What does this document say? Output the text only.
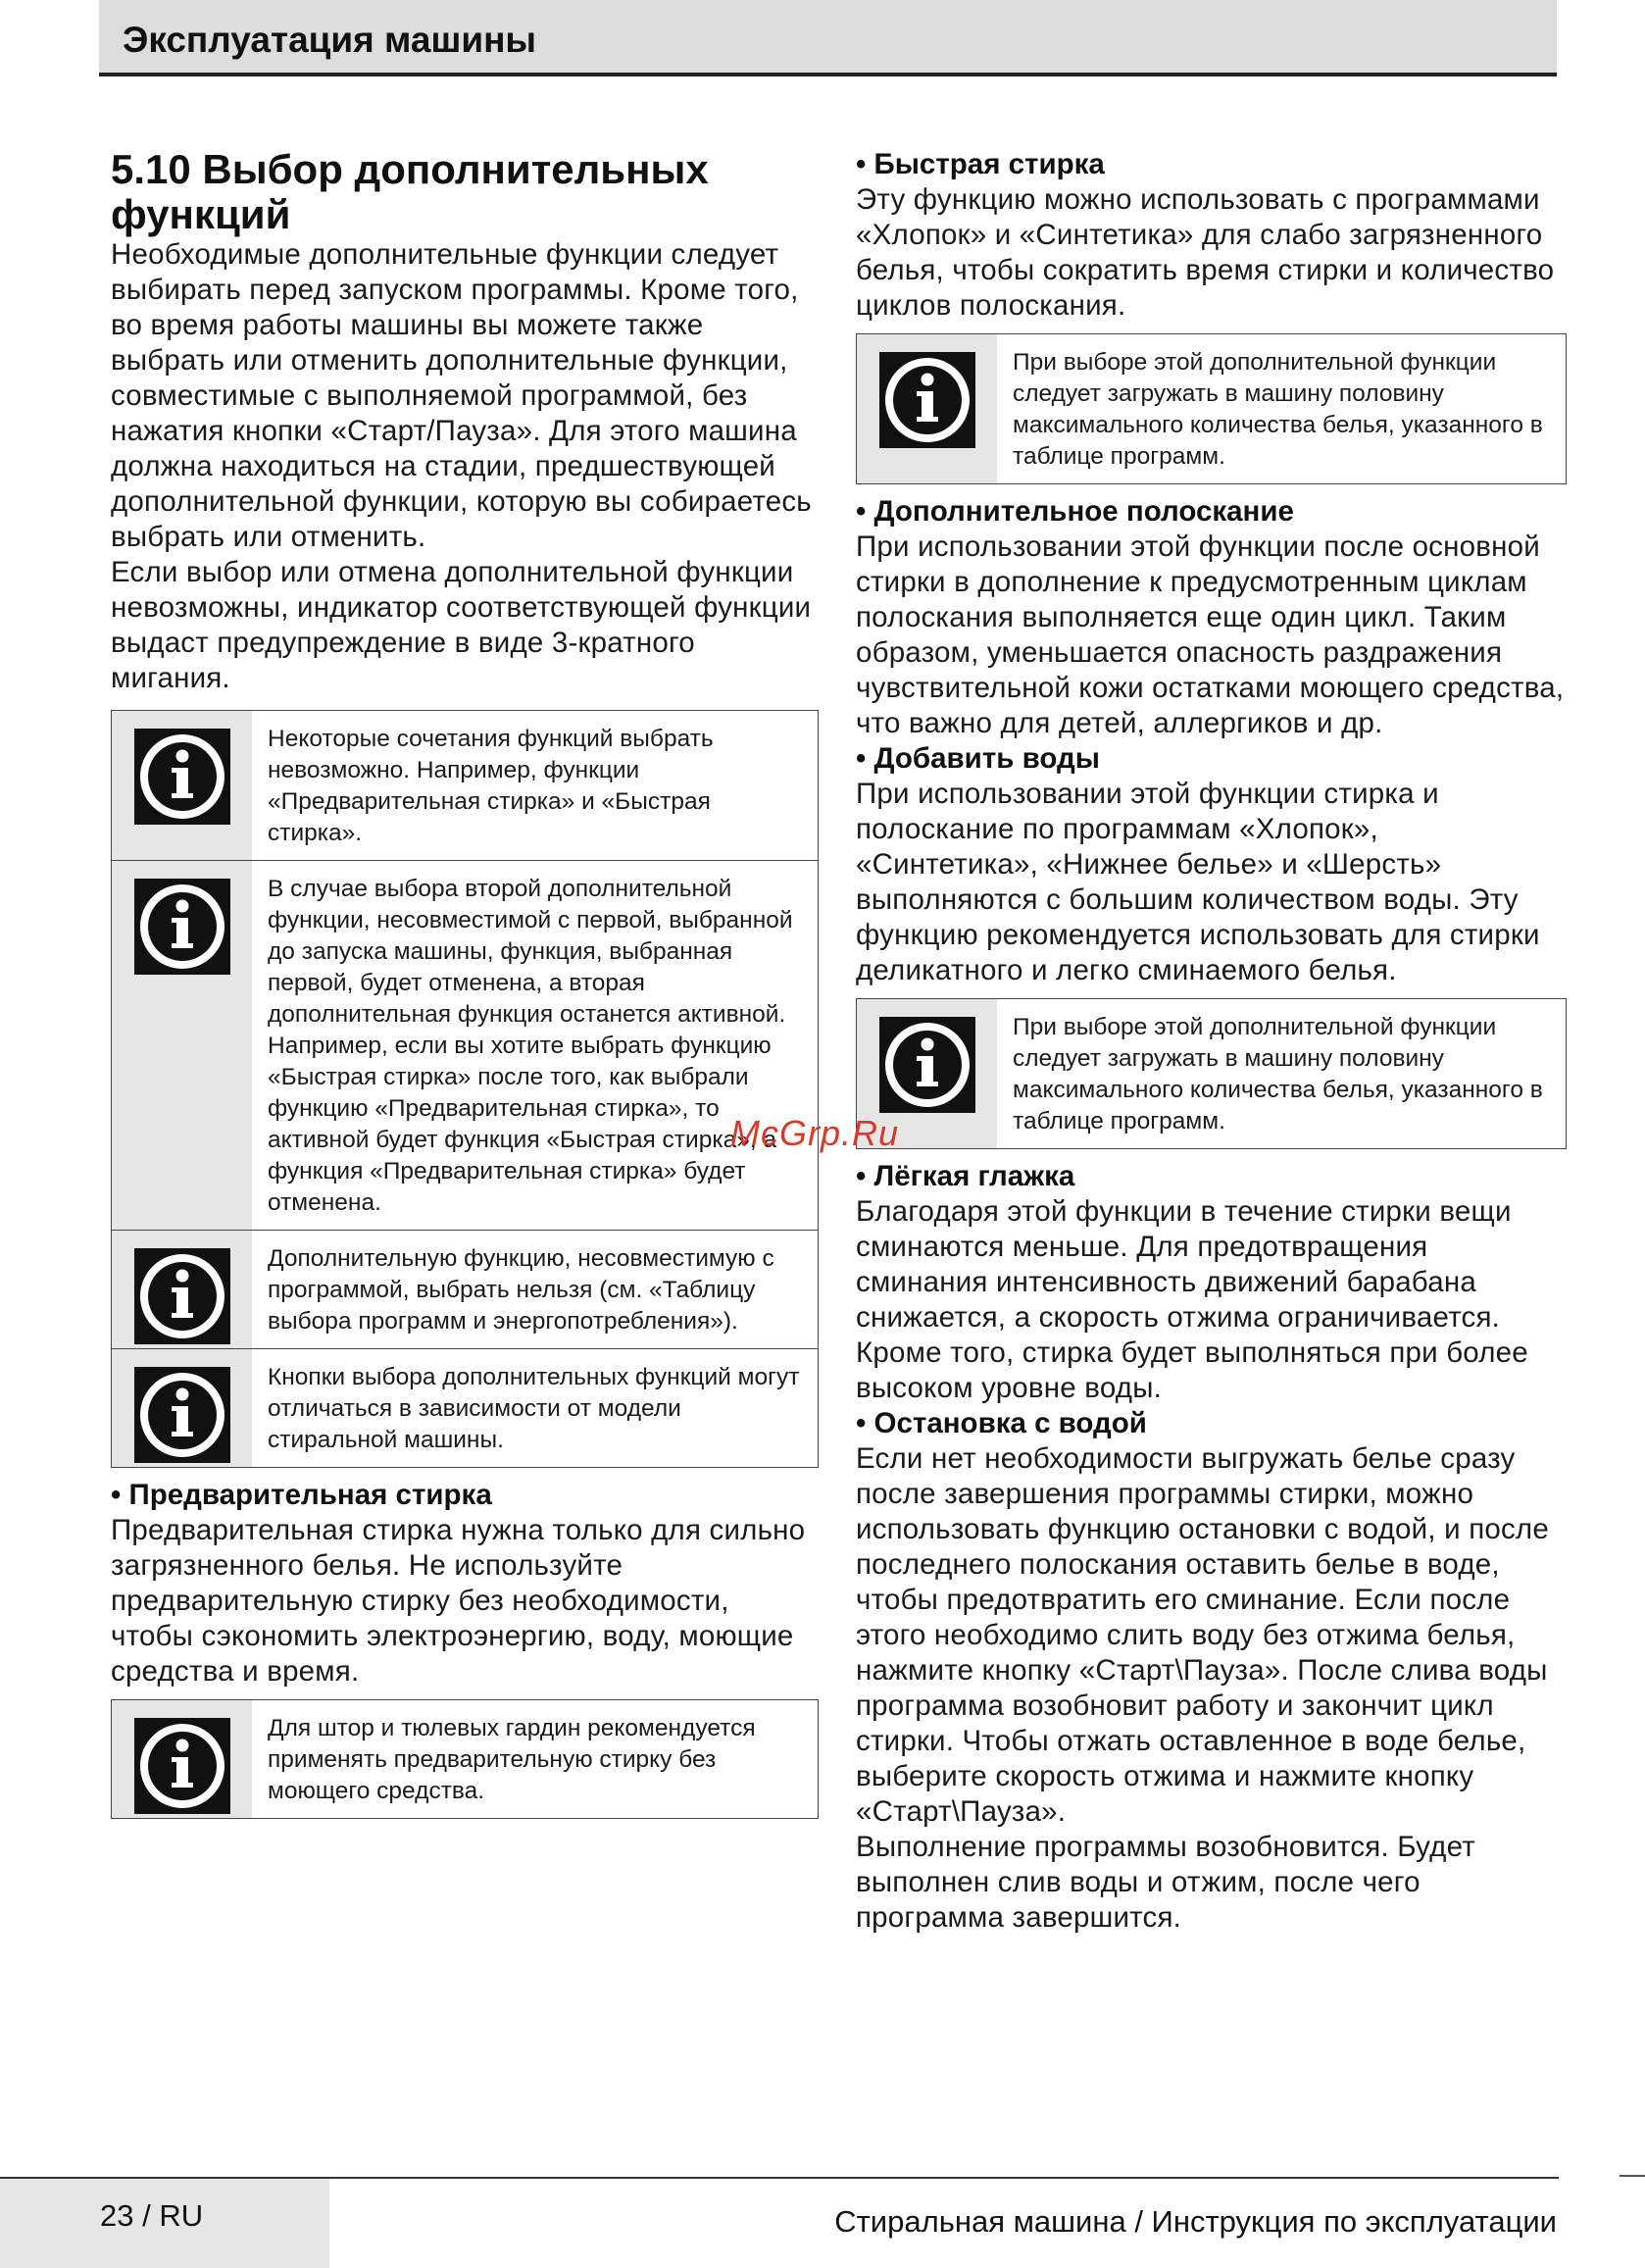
Эксплуатация машины
5.10 Выбор дополнительных функций

Необходимые дополнительные функции следует выбирать перед запуском программы. Кроме того, во время работы машины вы можете также выбрать или отменить дополнительные функции, совместимые с выполняемой программой, без нажатия кнопки «Старт/Пауза». Для этого машина должна находиться на стадии, предшествующей дополнительной функции, которую вы собираетесь выбрать или отменить.

Если выбор или отмена дополнительной функции невозможны, индикатор соответствующей функции выдаст предупреждение в виде 3-кратного мигания.

Некоторые сочетания функций выбрать невозможно. Например, функции «Предварительная стирка» и «Быстрая стирка».
В случае выбора второй дополнительной функции, несовместимой с первой, выбранной до запуска машины, функция, выбранная первой, будет отменена, а вторая дополнительная функция останется активной. Например, если вы хотите выбрать функцию «Быстрая стирка» после того, как выбрали функцию «Предварительная стирка», то активной будет функция «Быстрая стирка», а функция «Предварительная стирка» будет отменена.
Дополнительную функцию, несовместимую с программой, выбрать нельзя (см. «Таблицу выбора программ и энергопотребления»).
Кнопки выбора дополнительных функций могут отличаться в зависимости от модели стиральной машины.

• Предварительная стирка

Предварительная стирка нужна только для сильно загрязненного белья. Не используйте предварительную стирку без необходимости, чтобы сэкономить электроэнергию, воду, моющие средства и время.

Для штор и тюлевых гардин рекомендуется применять предварительную стирку без моющего средства.

• Быстрая стирка

Эту функцию можно использовать с программами «Хлопок» и «Синтетика» для слабо загрязненного белья, чтобы сократить время стирки и количество циклов полоскания.

При выборе этой дополнительной функции следует загружать в машину половину максимального количества белья, указанного в таблице программ.

• Дополнительное полоскание

При использовании этой функции после основной стирки в дополнение к предусмотренным циклам полоскания выполняется еще один цикл. Таким образом, уменьшается опасность раздражения чувствительной кожи остатками моющего средства, что важно для детей, аллергиков и др.

• Добавить воды

При использовании этой функции стирка и полоскание по программам «Хлопок», «Синтетика», «Нижнее белье» и «Шерсть» выполняются с большим количеством воды. Эту функцию рекомендуется использовать для стирки деликатного и легко сминаемого белья.

При выборе этой дополнительной функции следует загружать в машину половину максимального количества белья, указанного в таблице программ.

• Лёгкая глажка

Благодаря этой функции в течение стирки вещи сминаются меньше. Для предотвращения сминания интенсивность движений барабана снижается, а скорость отжима ограничивается. Кроме того, стирка будет выполняться при более высоком уровне воды.

• Остановка с водой

Если нет необходимости выгружать белье сразу после завершения программы стирки, можно использовать функцию остановки с водой, и после последнего полоскания оставить белье в воде, чтобы предотвратить его сминание. Если после этого необходимо слить воду без отжима белья, нажмите кнопку «Старт\Пауза». После слива воды программа возобновит работу и закончит цикл стирки. Чтобы отжать оставленное в воде белье, выберите скорость отжима и нажмите кнопку «Старт\Пауза».

Выполнение программы возобновится. Будет выполнен слив воды и отжим, после чего программа завершится.

McGrp.Ru
23 / RU	Стиральная машина / Инструкция по эксплуатации
